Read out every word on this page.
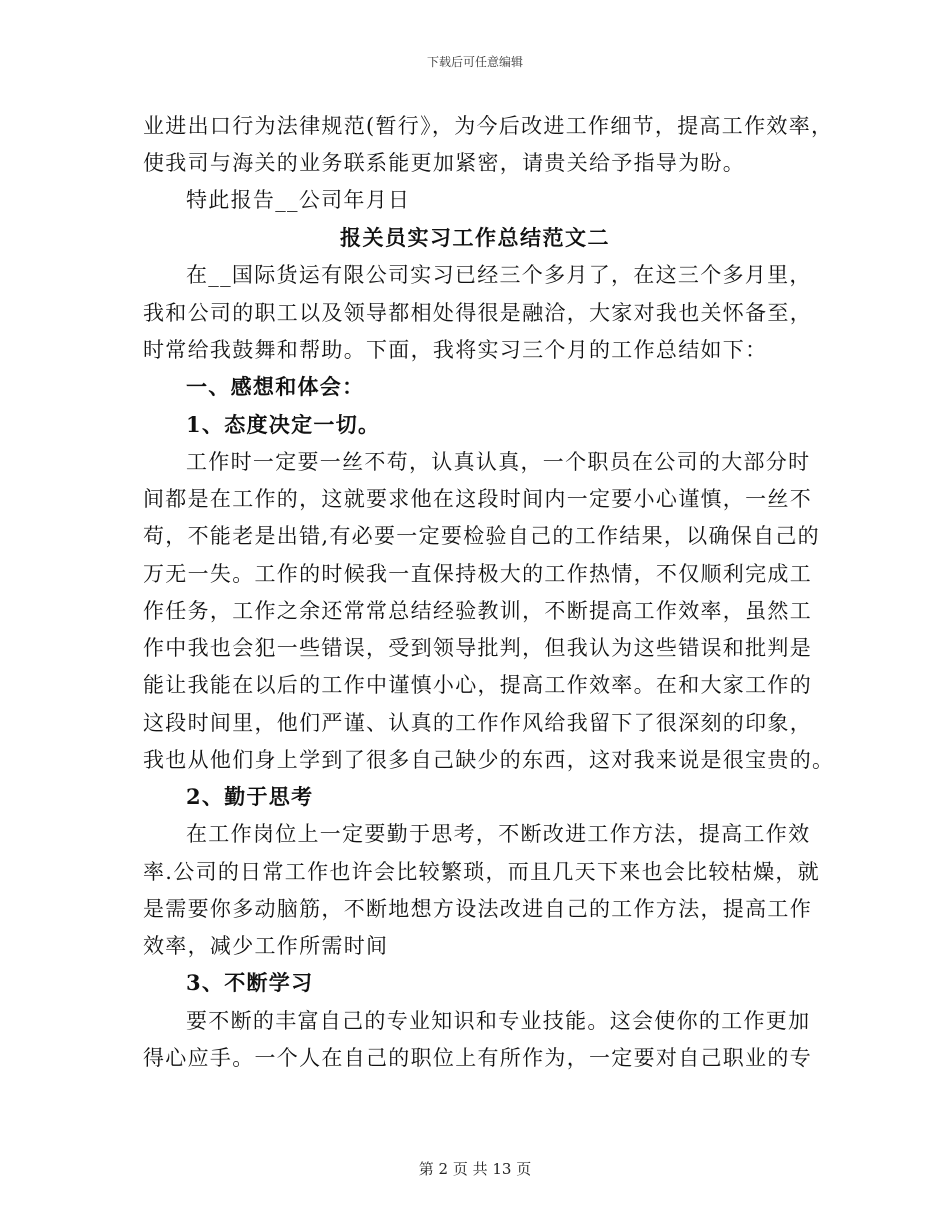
下载后可任意编辑
业进出口行为法律规范(暂行》，为今后改进工作细节，提高工作效率，
使我司与海关的业务联系能更加紧密，请贵关给予指导为盼。
特此报告__公司年月日
报关员实习工作总结范文二
在__国际货运有限公司实习已经三个多月了，在这三个多月里，
我和公司的职工以及领导都相处得很是融洽，大家对我也关怀备至，
时常给我鼓舞和帮助。下面，我将实习三个月的工作总结如下：
一、感想和体会：
1、态度决定一切。
工作时一定要一丝不苟，认真认真，一个职员在公司的大部分时
间都是在工作的，这就要求他在这段时间内一定要小心谨慎，一丝不
苟，不能老是出错,有必要一定要检验自己的工作结果，以确保自己的
万无一失。工作的时候我一直保持极大的工作热情，不仅顺利完成工
作任务，工作之余还常常总结经验教训，不断提高工作效率，虽然工
作中我也会犯一些错误，受到领导批判，但我认为这些错误和批判是
能让我能在以后的工作中谨慎小心，提高工作效率。在和大家工作的
这段时间里，他们严谨、认真的工作作风给我留下了很深刻的印象，
我也从他们身上学到了很多自己缺少的东西，这对我来说是很宝贵的。
2、勤于思考
在工作岗位上一定要勤于思考，不断改进工作方法，提高工作效
率.公司的日常工作也许会比较繁琐，而且几天下来也会比较枯燥，就
是需要你多动脑筋，不断地想方设法改进自己的工作方法，提高工作
效率，减少工作所需时间
3、不断学习
要不断的丰富自己的专业知识和专业技能。这会使你的工作更加
得心应手。一个人在自己的职位上有所作为，一定要对自己职业的专
第 2 页 共 13 页
